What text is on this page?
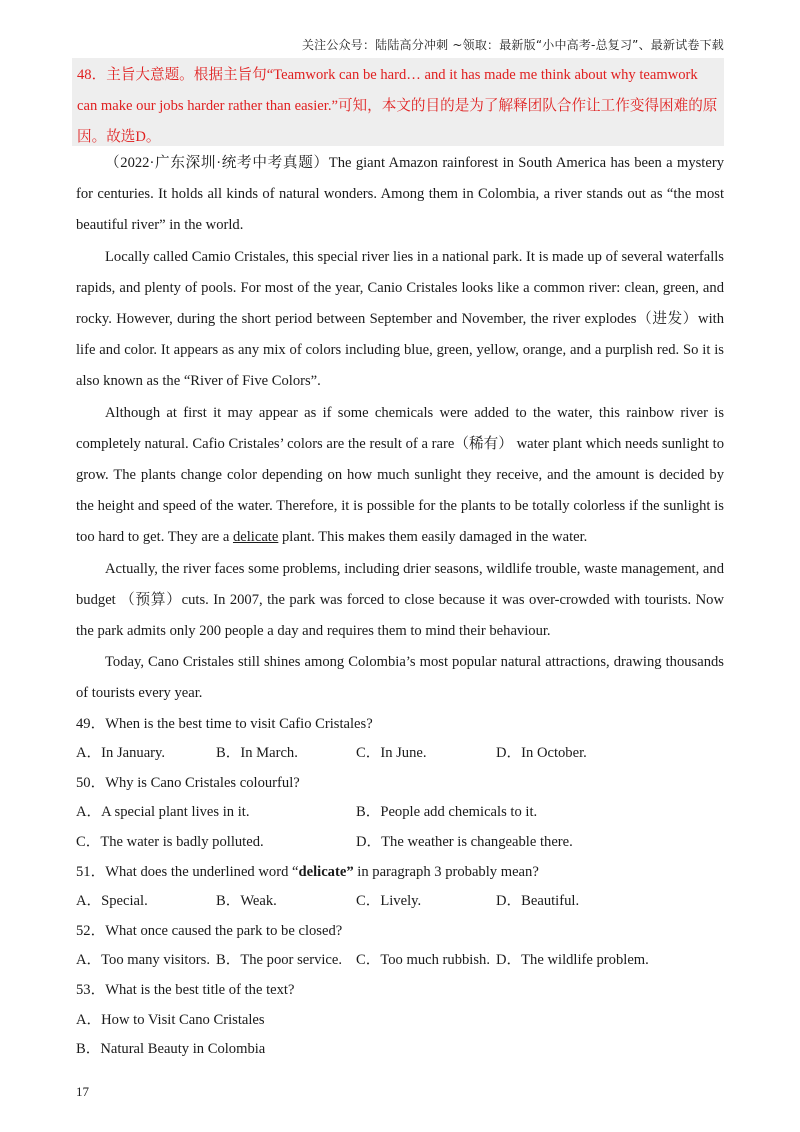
关注公众号：陆陆高分冲刺 ~领取：最新版“小中高考-总复习”、最新试卷下载

48．主旨大意题。根据主旨句“Teamwork can be hard… and it has made me think about why teamwork can make our jobs harder rather than easier.”可知，本文的目的是为了解释团队合作让工作变得困难的原因。故选D。

（2022·广东深圳·统考中考真题）The giant Amazon rainforest in South America has been a mystery for centuries. It holds all kinds of natural wonders. Among them in Colombia, a river stands out as “the most beautiful river” in the world.

Locally called Camio Cristales, this special river lies in a national park. It is made up of several waterfalls rapids, and plenty of pools. For most of the year, Canio Cristales looks like a common river: clean, green, and rocky. However, during the short period between September and November, the river explodes（进发）with life and color. It appears as any mix of colors including blue, green, yellow, orange, and a purplish red. So it is also known as the “River of Five Colors”.

Although at first it may appear as if some chemicals were added to the water, this rainbow river is completely natural. Cafio Cristales’ colors are the result of a rare（稀有） water plant which needs sunlight to grow. The plants change color depending on how much sunlight they receive, and the amount is decided by the height and speed of the water. Therefore, it is possible for the plants to be totally colorless if the sunlight is too hard to get. They are a delicate plant. This makes them easily damaged in the water.

Actually, the river faces some problems, including drier seasons, wildlife trouble, waste management, and budget （预算）cuts. In 2007, the park was forced to close because it was over-crowded with tourists. Now the park admits only 200 people a day and requires them to mind their behaviour.

Today, Cano Cristales still shines among Colombia’s most popular natural attractions, drawing thousands of tourists every year.

49．When is the best time to visit Cafio Cristales?

A．In January.	B．In March.	C．In June.	D．In October.

50．Why is Cano Cristales colourful?

A．A special plant lives in it.	B．People add chemicals to it.
C．The water is badly polluted.	D．The weather is changeable there.

51．What does the underlined word “delicate” in paragraph 3 probably mean?

A．Special.	B．Weak.	C．Lively.	D．Beautiful.

52．What once caused the park to be closed?

A．Too many visitors. B．The poor service. C．Too much rubbish. D．The wildlife problem.

53．What is the best title of the text?

A．How to Visit Cano Cristales

B．Natural Beauty in Colombia

17
